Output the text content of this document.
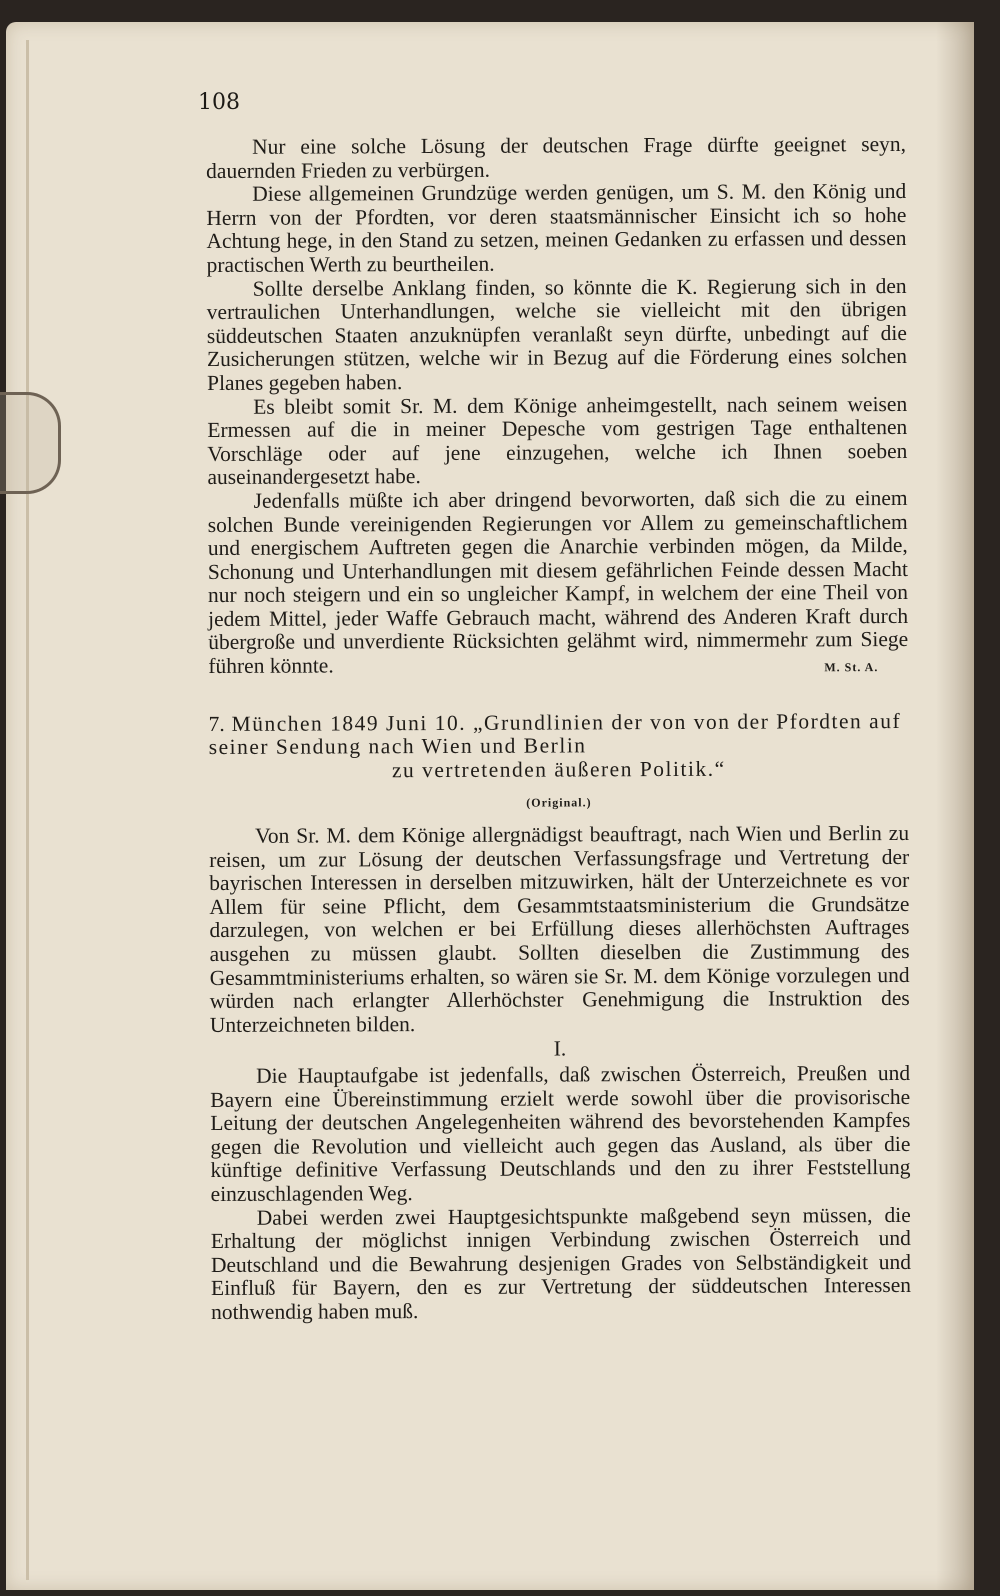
108

Nur eine solche Lösung der deutschen Frage dürfte geeignet seyn, dauernden Frieden zu verbürgen.

Diese allgemeinen Grundzüge werden genügen, um S. M. den König und Herrn von der Pfordten, vor deren staatsmännischer Einsicht ich so hohe Achtung hege, in den Stand zu setzen, meinen Gedanken zu erfassen und dessen practischen Werth zu beurtheilen.

Sollte derselbe Anklang finden, so könnte die K. Regierung sich in den vertraulichen Unterhandlungen, welche sie vielleicht mit den übrigen süddeutschen Staaten anzuknüpfen veranlaßt seyn dürfte, unbedingt auf die Zusicherungen stützen, welche wir in Bezug auf die Förderung eines solchen Planes gegeben haben.

Es bleibt somit Sr. M. dem Könige anheimgestellt, nach seinem weisen Ermessen auf die in meiner Depesche vom gestrigen Tage enthaltenen Vorschläge oder auf jene einzugehen, welche ich Ihnen soeben auseinandergesetzt habe.

Jedenfalls müßte ich aber dringend bevorworten, daß sich die zu einem solchen Bunde vereinigenden Regierungen vor Allem zu gemeinschaftlichem und energischem Auftreten gegen die Anarchie verbinden mögen, da Milde, Schonung und Unterhandlungen mit diesem gefährlichen Feinde dessen Macht nur noch steigern und ein so ungleicher Kampf, in welchem der eine Theil von jedem Mittel, jeder Waffe Gebrauch macht, während des Anderen Kraft durch übergroße und unverdiente Rücksichten gelähmt wird, nimmermehr zum Siege führen könnte.	M. St. A.

7. München 1849 Juni 10. „Grundlinien der von von der Pfordten auf seiner Sendung nach Wien und Berlin
zu vertretenden äußeren Politik.“
(Original.)

Von Sr. M. dem Könige allergnädigst beauftragt, nach Wien und Berlin zu reisen, um zur Lösung der deutschen Verfassungsfrage und Vertretung der bayrischen Interessen in derselben mitzuwirken, hält der Unterzeichnete es vor Allem für seine Pflicht, dem Gesammtstaatsministerium die Grundsätze darzulegen, von welchen er bei Erfüllung dieses allerhöchsten Auftrages ausgehen zu müssen glaubt. Sollten dieselben die Zustimmung des Gesammtministeriums erhalten, so wären sie Sr. M. dem Könige vorzulegen und würden nach erlangter Allerhöchster Genehmigung die Instruktion des Unterzeichneten bilden.

I.

Die Hauptaufgabe ist jedenfalls, daß zwischen Österreich, Preußen und Bayern eine Übereinstimmung erzielt werde sowohl über die provisorische Leitung der deutschen Angelegenheiten während des bevorstehenden Kampfes gegen die Revolution und vielleicht auch gegen das Ausland, als über die künftige definitive Verfassung Deutschlands und den zu ihrer Feststellung einzuschlagenden Weg.

Dabei werden zwei Hauptgesichtspunkte maßgebend seyn müssen, die Erhaltung der möglichst innigen Verbindung zwischen Österreich und Deutschland und die Bewahrung desjenigen Grades von Selbständigkeit und Einfluß für Bayern, den es zur Vertretung der süddeutschen Interessen nothwendig haben muß.
